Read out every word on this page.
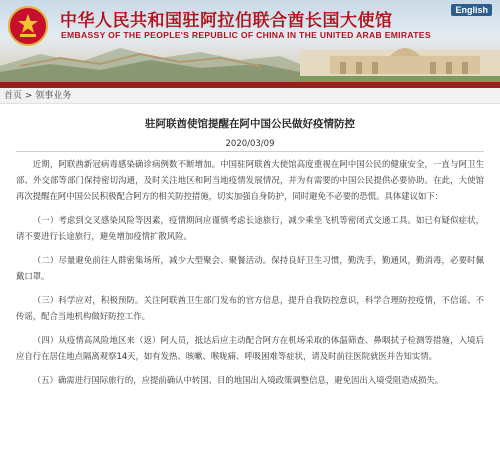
中华人民共和国驻阿拉伯联合酋长国大使馆
EMBASSY OF THE PEOPLE'S REPUBLIC OF CHINA IN THE UNITED ARAB EMIRATES
English
首页 > 领事业务
驻阿联酋使馆提醒在阿中国公民做好疫情防控
2020/03/09

近期，阿联酋新冠病毒感染确诊病例数不断增加。中国驻阿联酋大使馆高度重视在阿中国公民的健康安全，一直与阿卫生部、外交部等部门保持密切沟通，及时关注地区和阿当地疫情发展情况，并为有需要的中国公民提供必要协助。在此，大使馆再次提醒在阿中国公民积极配合阿方的相关防控措施，切实加强自身防护，同时避免不必要的恐慌。具体建议如下：

（一）考虑到交叉感染风险等因素，疫情期间应谨慎考虑长途旅行，减少乘坐飞机等密闭式交通工具。如已有疑似症状，请不要进行长途旅行，避免增加疫情扩散风险。

（二）尽量避免前往人群密集场所，减少大型聚会、聚餐活动。保持良好卫生习惯，勤洗手，勤通风，勤消毒，必要时佩戴口罩。

（三）科学应对，积极预防。关注阿联酋卫生部门发布的官方信息，提升自我防控意识，科学合理防控疫情，不信谣、不传谣，配合当地机构做好防控工作。

（四）从疫情高风险地区来（返）阿人员，抵达后应主动配合阿方在机场采取的体温筛查、鼻咽拭子检测等措施，入境后应自行在居住地点隔离观察14天，如有发热、咳嗽、喉咙痛、呼吸困难等症状，请及时前往医院就医并告知实情。

（五）确需进行国际旅行的，应提前确认中转国、目的地国出入境政策调整信息，避免因出入境受阻造成损失。
